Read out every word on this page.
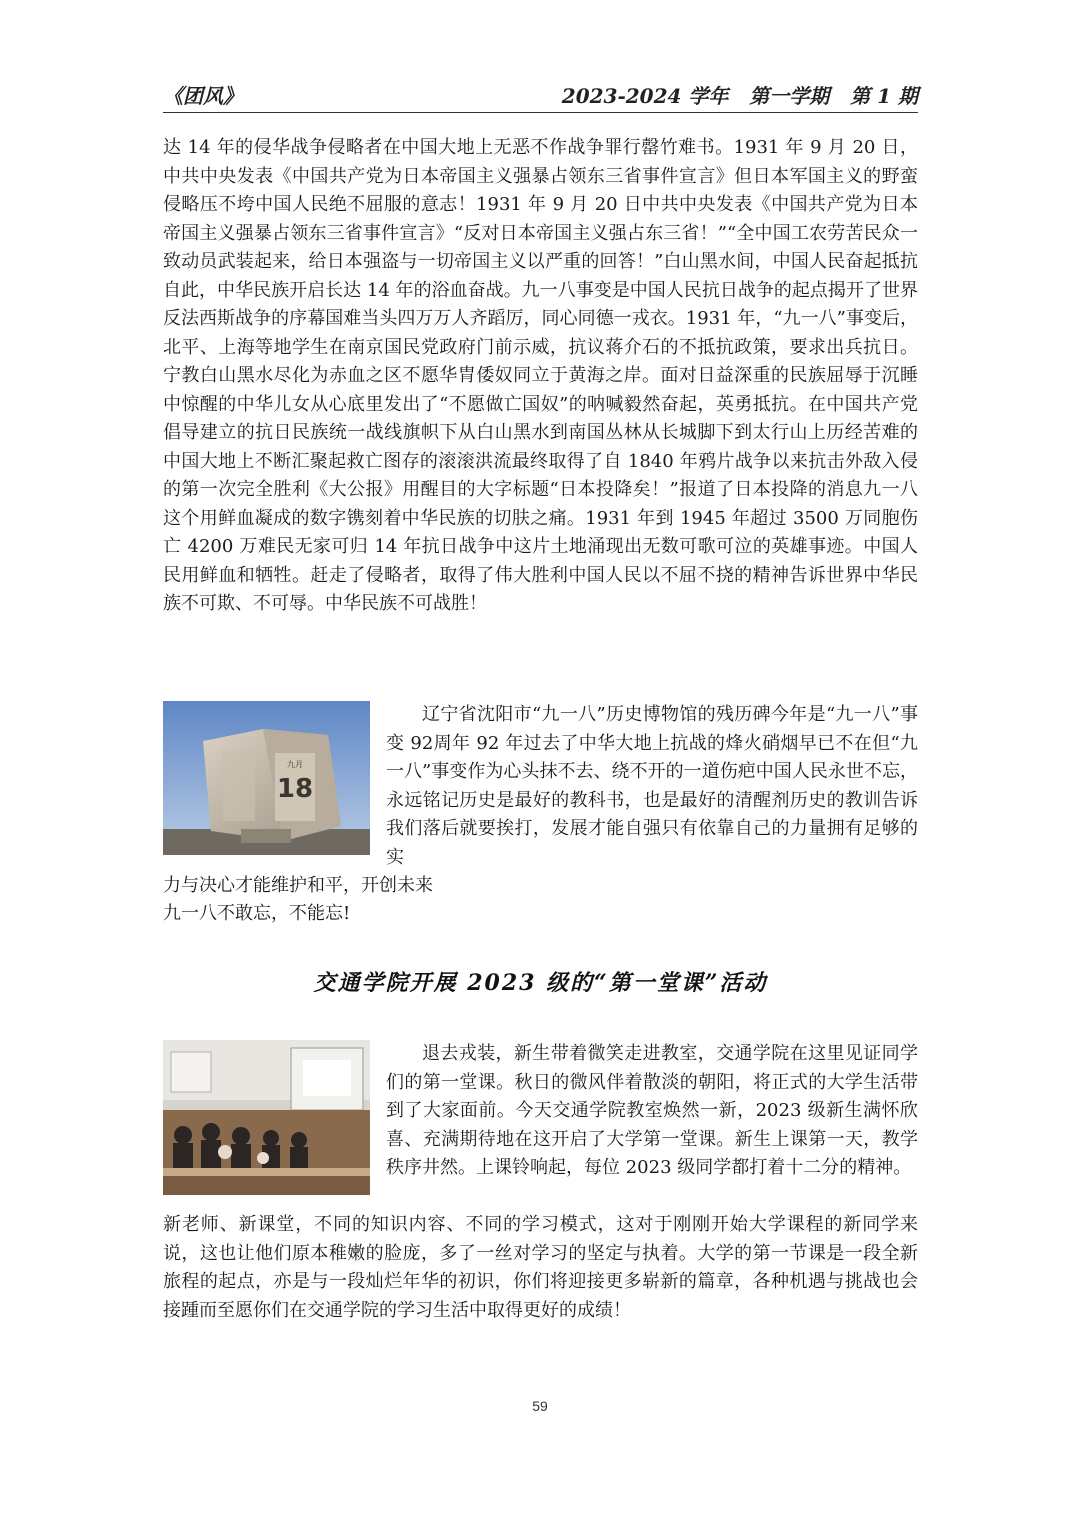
《团风》	2023-2024 学年   第一学期   第 1 期

达 14 年的侵华战争侵略者在中国大地上无恶不作战争罪行罄竹难书。1931 年 9 月 20 日，中共中央发表《中国共产党为日本帝国主义强暴占领东三省事件宣言》但日本军国主义的野蛮侵略压不垮中国人民绝不屈服的意志！1931 年 9 月 20 日中共中央发表《中国共产党为日本帝国主义强暴占领东三省事件宣言》“反对日本帝国主义强占东三省！”“全中国工农劳苦民众一致动员武装起来，给日本强盗与一切帝国主义以严重的回答！”白山黑水间，中国人民奋起抵抗自此，中华民族开启长达 14 年的浴血奋战。九一八事变是中国人民抗日战争的起点揭开了世界反法西斯战争的序幕国难当头四万万人齐蹈厉，同心同德一戎衣。1931 年，“九一八”事变后，北平、上海等地学生在南京国民党政府门前示威，抗议蒋介石的不抵抗政策，要求出兵抗日。宁教白山黑水尽化为赤血之区不愿华胄倭奴同立于黄海之岸。面对日益深重的民族屈辱于沉睡中惊醒的中华儿女从心底里发出了“不愿做亡国奴”的呐喊毅然奋起，英勇抵抗。在中国共产党倡导建立的抗日民族统一战线旗帜下从白山黑水到南国丛林从长城脚下到太行山上历经苦难的中国大地上不断汇聚起救亡图存的滚滚洪流最终取得了自 1840 年鸦片战争以来抗击外敌入侵的第一次完全胜利《大公报》用醒目的大字标题“日本投降矣！”报道了日本投降的消息九一八这个用鲜血凝成的数字镌刻着中华民族的切肤之痛。1931 年到 1945 年超过 3500 万同胞伤亡 4200 万难民无家可归 14 年抗日战争中这片土地涌现出无数可歌可泣的英雄事迹。中国人民用鲜血和牺牲。赶走了侵略者，取得了伟大胜利中国人民以不屈不挠的精神告诉世界中华民族不可欺、不可辱。中华民族不可战胜！

18
九月

辽宁省沈阳市“九一八”历史博物馆的残历碑今年是“九一八”事变 92周年 92 年过去了中华大地上抗战的烽火硝烟早已不在但“九一八”事变作为心头抹不去、绕不开的一道伤疤中国人民永世不忘，永远铭记历史是最好的教科书，也是最好的清醒剂历史的教训告诉我们落后就要挨打，发展才能自强只有依靠自己的力量拥有足够的实

力与决心才能维护和平，开创未来

九一八不敢忘，不能忘!

交通学院开展 2023 级的“第一堂课”活动

退去戎装，新生带着微笑走进教室，交通学院在这里见证同学们的第一堂课。秋日的微风伴着散淡的朝阳，将正式的大学生活带到了大家面前。今天交通学院教室焕然一新，2023 级新生满怀欣喜、充满期待地在这开启了大学第一堂课。新生上课第一天，教学秩序井然。上课铃响起，每位 2023 级同学都打着十二分的精神。

新老师、新课堂，不同的知识内容、不同的学习模式，这对于刚刚开始大学课程的新同学来说，这也让他们原本稚嫩的脸庞，多了一丝对学习的坚定与执着。大学的第一节课是一段全新旅程的起点，亦是与一段灿烂年华的初识，你们将迎接更多崭新的篇章，各种机遇与挑战也会接踵而至愿你们在交通学院的学习生活中取得更好的成绩！

59
